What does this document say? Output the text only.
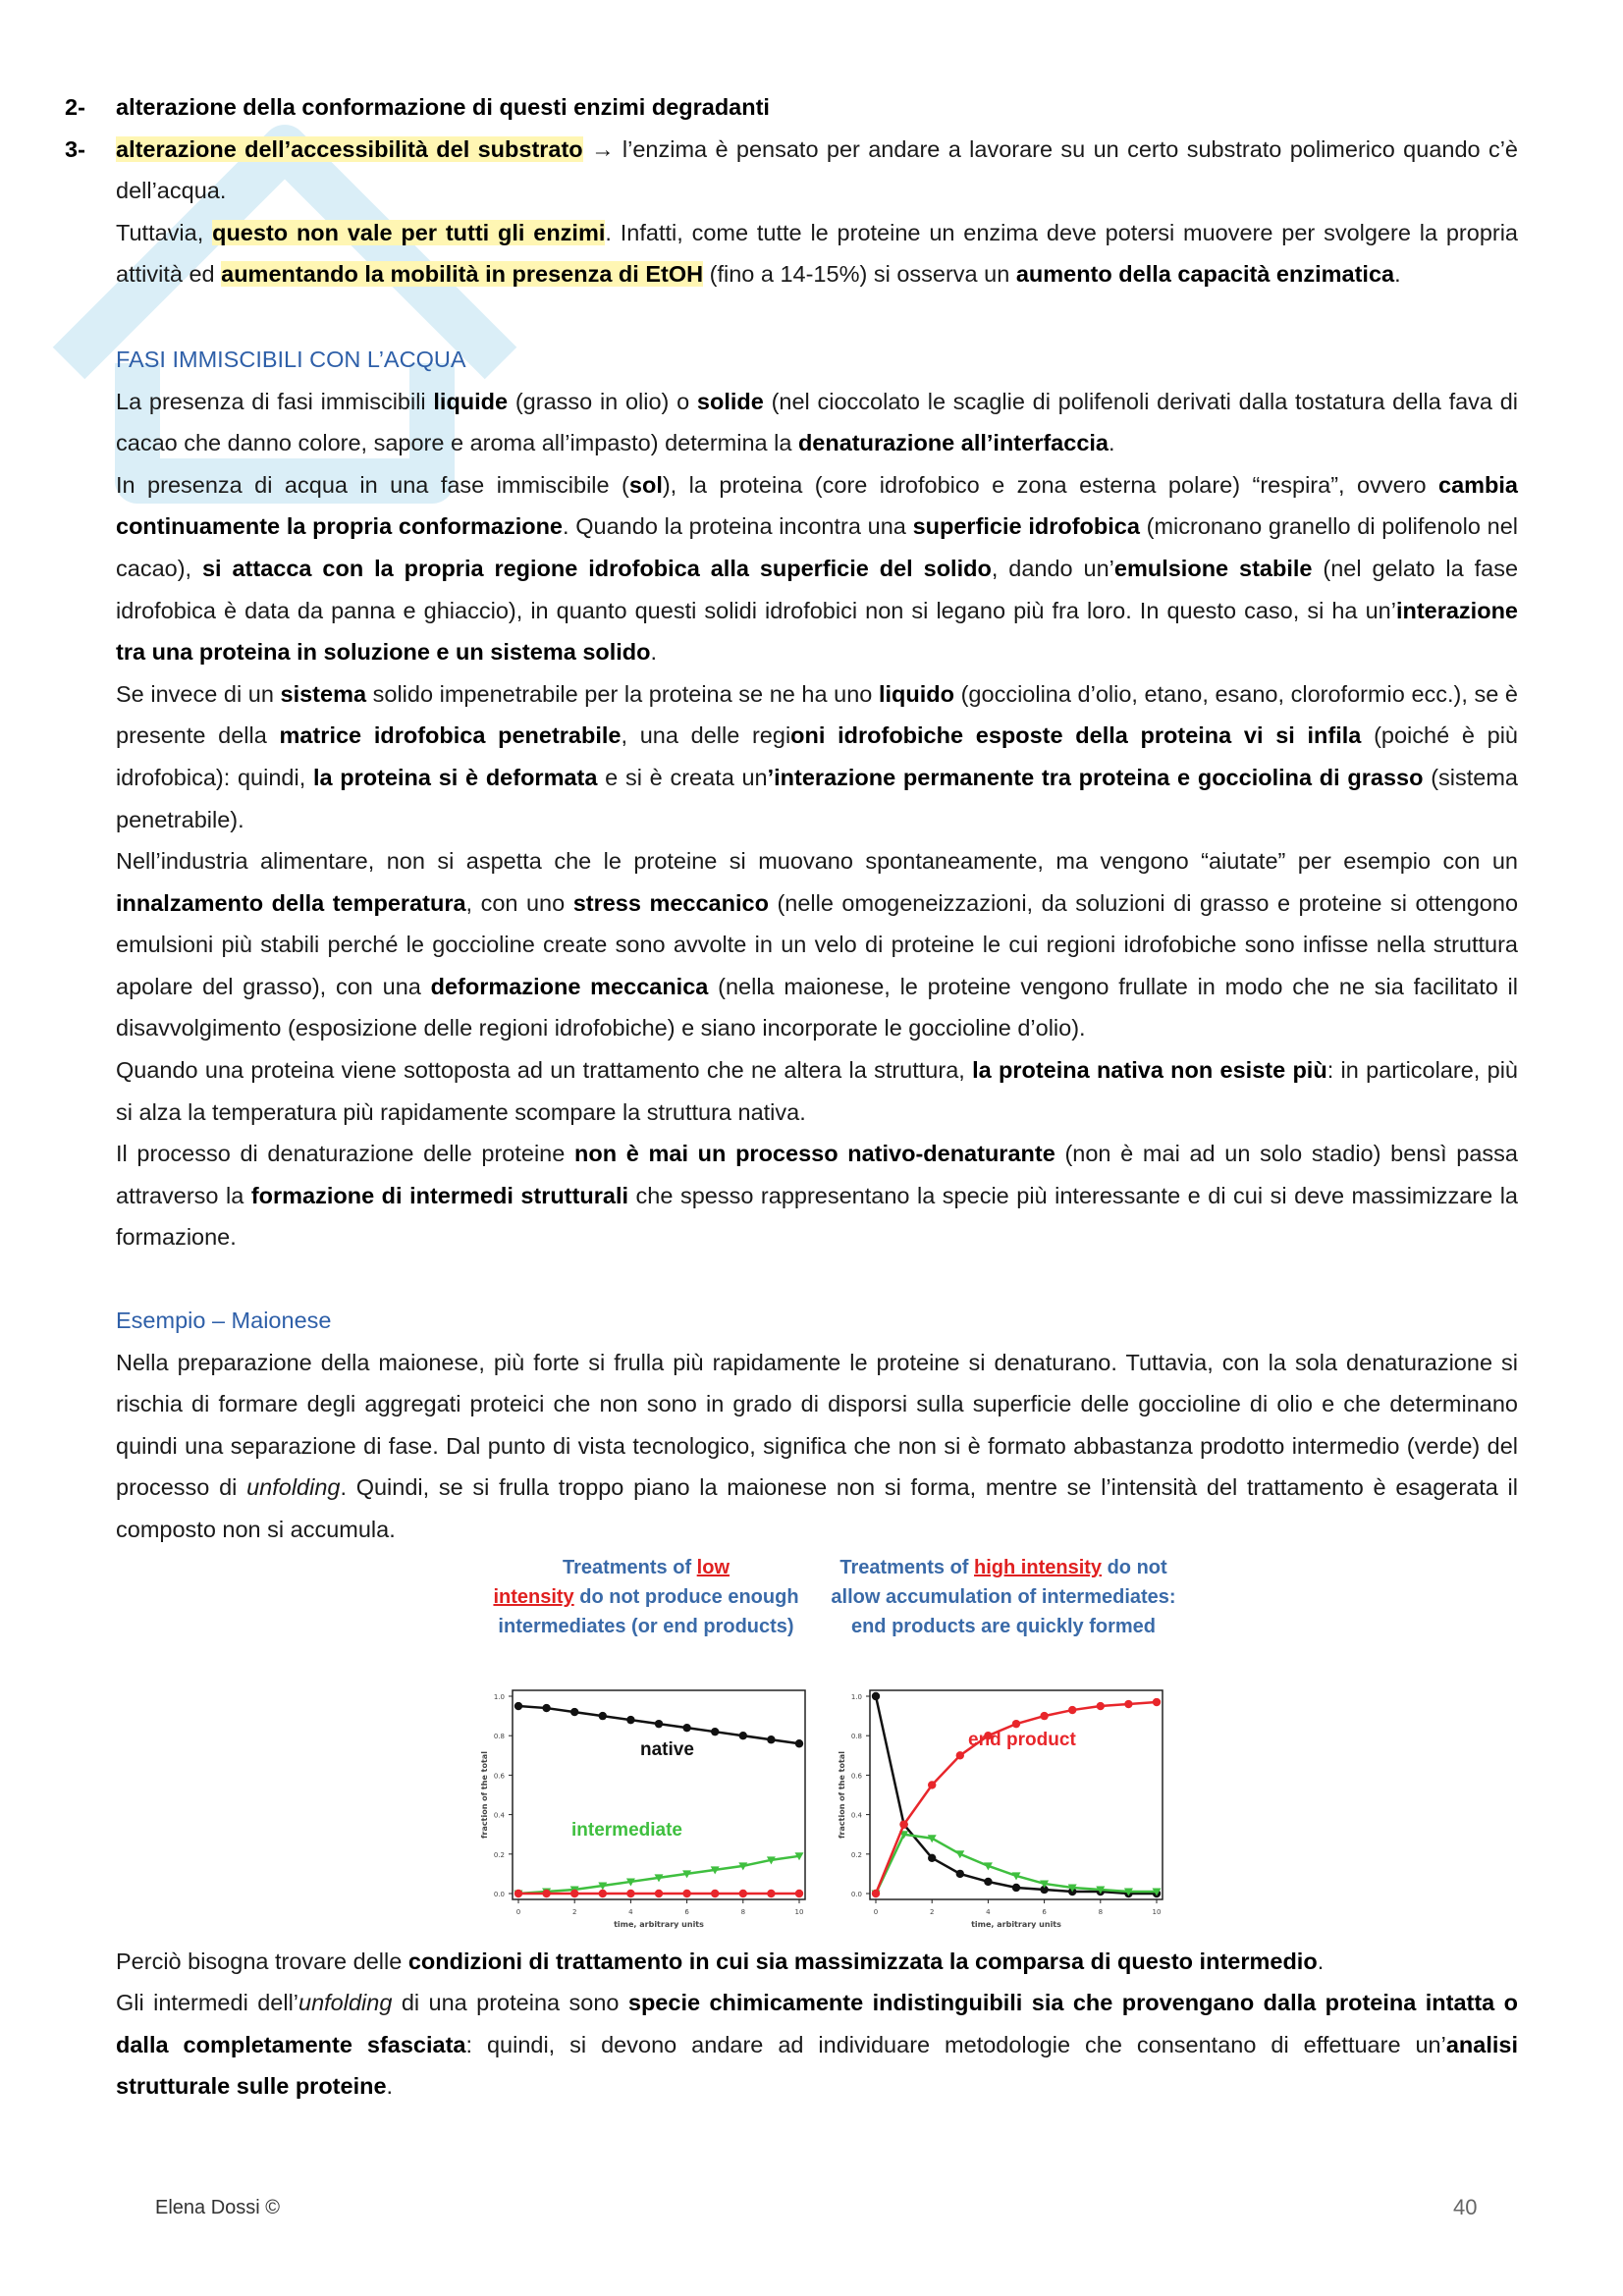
2- alterazione della conformazione di questi enzimi degradanti

3- alterazione dell’accessibilità del substrato → l’enzima è pensato per andare a lavorare su un certo substrato polimerico quando c’è dell’acqua.

Tuttavia, questo non vale per tutti gli enzimi. Infatti, come tutte le proteine un enzima deve potersi muovere per svolgere la propria attività ed aumentando la mobilità in presenza di EtOH (fino a 14-15%) si osserva un aumento della capacità enzimatica.

FASI IMMISCIBILI CON L’ACQUA

La presenza di fasi immiscibili liquide (grasso in olio) o solide (nel cioccolato le scaglie di polifenoli derivati dalla tostatura della fava di cacao che danno colore, sapore e aroma all’impasto) determina la denaturazione all’interfaccia.

In presenza di acqua in una fase immiscibile (sol), la proteina (core idrofobico e zona esterna polare) “respira”, ovvero cambia continuamente la propria conformazione. Quando la proteina incontra una superficie idrofobica (micronano granello di polifenolo nel cacao), si attacca con la propria regione idrofobica alla superficie del solido, dando un’emulsione stabile (nel gelato la fase idrofobica è data da panna e ghiaccio), in quanto questi solidi idrofobici non si legano più fra loro. In questo caso, si ha un’interazione tra una proteina in soluzione e un sistema solido.

Se invece di un sistema solido impenetrabile per la proteina se ne ha uno liquido (gocciolina d’olio, etano, esano, cloroformio ecc.), se è presente della matrice idrofobica penetrabile, una delle regioni idrofobiche esposte della proteina vi si infila (poiché è più idrofobica): quindi, la proteina si è deformata e si è creata un’interazione permanente tra proteina e gocciolina di grasso (sistema penetrabile).

Nell’industria alimentare, non si aspetta che le proteine si muovano spontaneamente, ma vengono “aiutate” per esempio con un innalzamento della temperatura, con uno stress meccanico (nelle omogeneizzazioni, da soluzioni di grasso e proteine si ottengono emulsioni più stabili perché le goccioline create sono avvolte in un velo di proteine le cui regioni idrofobiche sono infisse nella struttura apolare del grasso), con una deformazione meccanica (nella maionese, le proteine vengono frullate in modo che ne sia facilitato il disavvolgimento (esposizione delle regioni idrofobiche) e siano incorporate le goccioline d’olio).

Quando una proteina viene sottoposta ad un trattamento che ne altera la struttura, la proteina nativa non esiste più: in particolare, più si alza la temperatura più rapidamente scompare la struttura nativa.

Il processo di denaturazione delle proteine non è mai un processo nativo-denaturante (non è mai ad un solo stadio) bensì passa attraverso la formazione di intermedi strutturali che spesso rappresentano la specie più interessante e di cui si deve massimizzare la formazione.

Esempio – Maionese

Nella preparazione della maionese, più forte si frulla più rapidamente le proteine si denaturano. Tuttavia, con la sola denaturazione si rischia di formare degli aggregati proteici che non sono in grado di disporsi sulla superficie delle goccioline di olio e che determinano quindi una separazione di fase. Dal punto di vista tecnologico, significa che non si è formato abbastanza prodotto intermedio (verde) del processo di unfolding. Quindi, se si frulla troppo piano la maionese non si forma, mentre se l’intensità del trattamento è esagerata il composto non si accumula.

Treatments of low
intensity do not produce enough intermediates (or end products)
1.0
0.8
0.6
0.4
0.2
0.0
0	2	4	6	8	10
time, arbitrary units
fraction of the total
native
intermediate
Treatments of high intensity do not allow accumulation of intermediates: end products are quickly formed
1.0
0.8
0.6
0.4
0.2
0.0
0	2	4	6	8	10
time, arbitrary units
fraction of the total
end product

Perciò bisogna trovare delle condizioni di trattamento in cui sia massimizzata la comparsa di questo intermedio.

Gli intermedi dell’unfolding di una proteina sono specie chimicamente indistinguibili sia che provengano dalla proteina intatta o dalla completamente sfasciata: quindi, si devono andare ad individuare metodologie che consentano di effettuare un’analisi strutturale sulle proteine.

Elena Dossi ©	40
